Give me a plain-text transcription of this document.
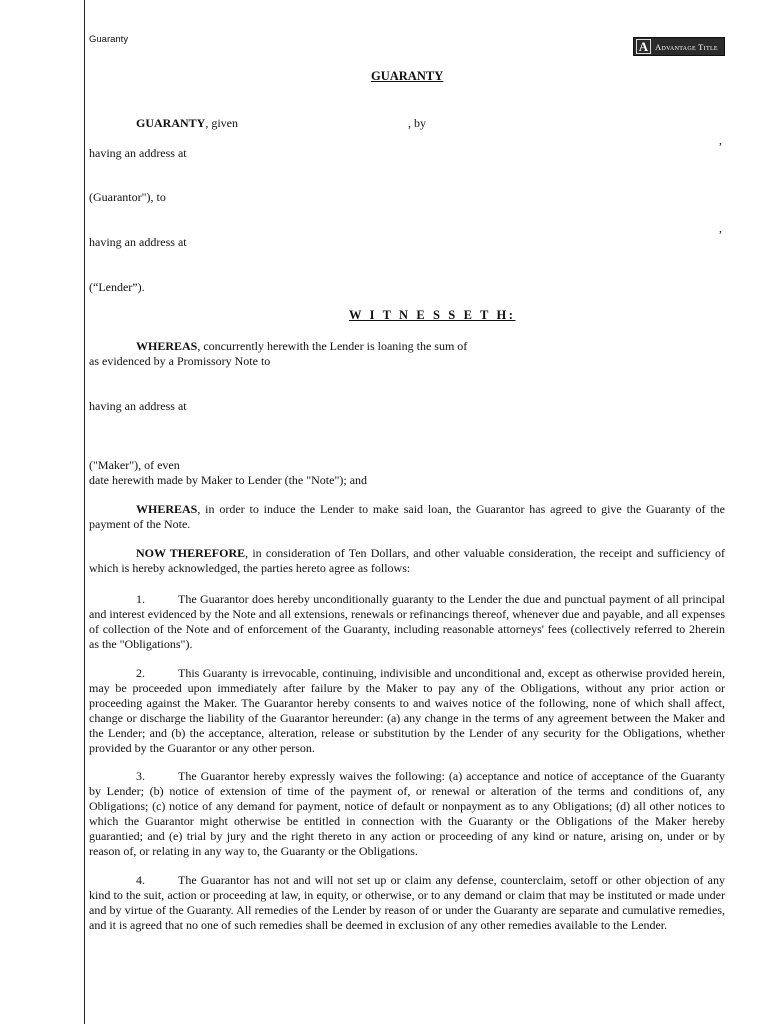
Guaranty	A Advantage Title
GUARANTY
GUARANTY, given	, by
,
having an address at
(Guarantor"), to
,
having an address at
(“Lender”).
W I T N E S S E T H:
WHEREAS, concurrently herewith the Lender is loaning the sum of
as evidenced by a Promissory Note to
having an address at
("Maker"), of even
date herewith made by Maker to Lender (the "Note"); and

WHEREAS, in order to induce the Lender to make said loan, the Guarantor has agreed to give the Guaranty of the payment of the Note.

NOW THEREFORE, in consideration of Ten Dollars, and other valuable consideration, the receipt and sufficiency of which is hereby acknowledged, the parties hereto agree as follows:

1.	The Guarantor does hereby unconditionally guaranty to the Lender the due and punctual payment of all principal and interest evidenced by the Note and all extensions, renewals or refinancings thereof, whenever due and payable, and all expenses of collection of the Note and of enforcement of the Guaranty, including reasonable attorneys' fees (collectively referred to 2herein as the "Obligations").

2.	This Guaranty is irrevocable, continuing, indivisible and unconditional and, except as otherwise provided herein, may be proceeded upon immediately after failure by the Maker to pay any of the Obligations, without any prior action or proceeding against the Maker. The Guarantor hereby consents to and waives notice of the following, none of which shall affect, change or discharge the liability of the Guarantor hereunder: (a) any change in the terms of any agreement between the Maker and the Lender; and (b) the acceptance, alteration, release or substitution by the Lender of any security for the Obligations, whether provided by the Guarantor or any other person.

3.	The Guarantor hereby expressly waives the following: (a) acceptance and notice of acceptance of the Guaranty by Lender; (b) notice of extension of time of the payment of, or renewal or alteration of the terms and conditions of, any Obligations; (c) notice of any demand for payment, notice of default or nonpayment as to any Obligations; (d) all other notices to which the Guarantor might otherwise be entitled in connection with the Guaranty or the Obligations of the Maker hereby guarantied; and (e) trial by jury and the right thereto in any action or proceeding of any kind or nature, arising on, under or by reason of, or relating in any way to, the Guaranty or the Obligations.

4.	The Guarantor has not and will not set up or claim any defense, counterclaim, setoff or other objection of any kind to the suit, action or proceeding at law, in equity, or otherwise, or to any demand or claim that may be instituted or made under and by virtue of the Guaranty. All remedies of the Lender by reason of or under the Guaranty are separate and cumulative remedies, and it is agreed that no one of such remedies shall be deemed in exclusion of any other remedies available to the Lender.
